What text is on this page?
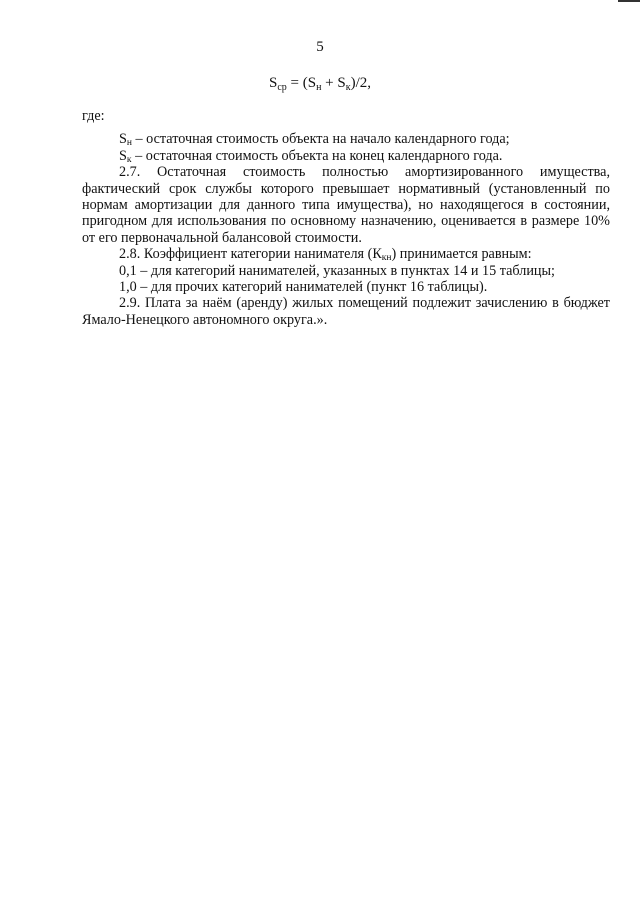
5
$S_{ср} = (S_н + S_к)/2$,

где:

$S_н$ – остаточная стоимость объекта на начало календарного года;

$S_к$ – остаточная стоимость объекта на конец календарного года.

2.7. Остаточная стоимость полностью амортизированного имущества, фактический срок службы которого превышает нормативный (установленный по нормам амортизации для данного типа имущества), но находящегося в состоянии, пригодном для использования по основному назначению, оценивается в размере 10% от его первоначальной балансовой стоимости.

2.8. Коэффициент категории нанимателя $(К_{кн})$ принимается равным:

0,1 – для категорий нанимателей, указанных в пунктах 14 и 15 таблицы;

1,0 – для прочих категорий нанимателей (пункт 16 таблицы).

2.9. Плата за наём (аренду) жилых помещений подлежит зачислению в бюджет Ямало-Ненецкого автономного округа.».
